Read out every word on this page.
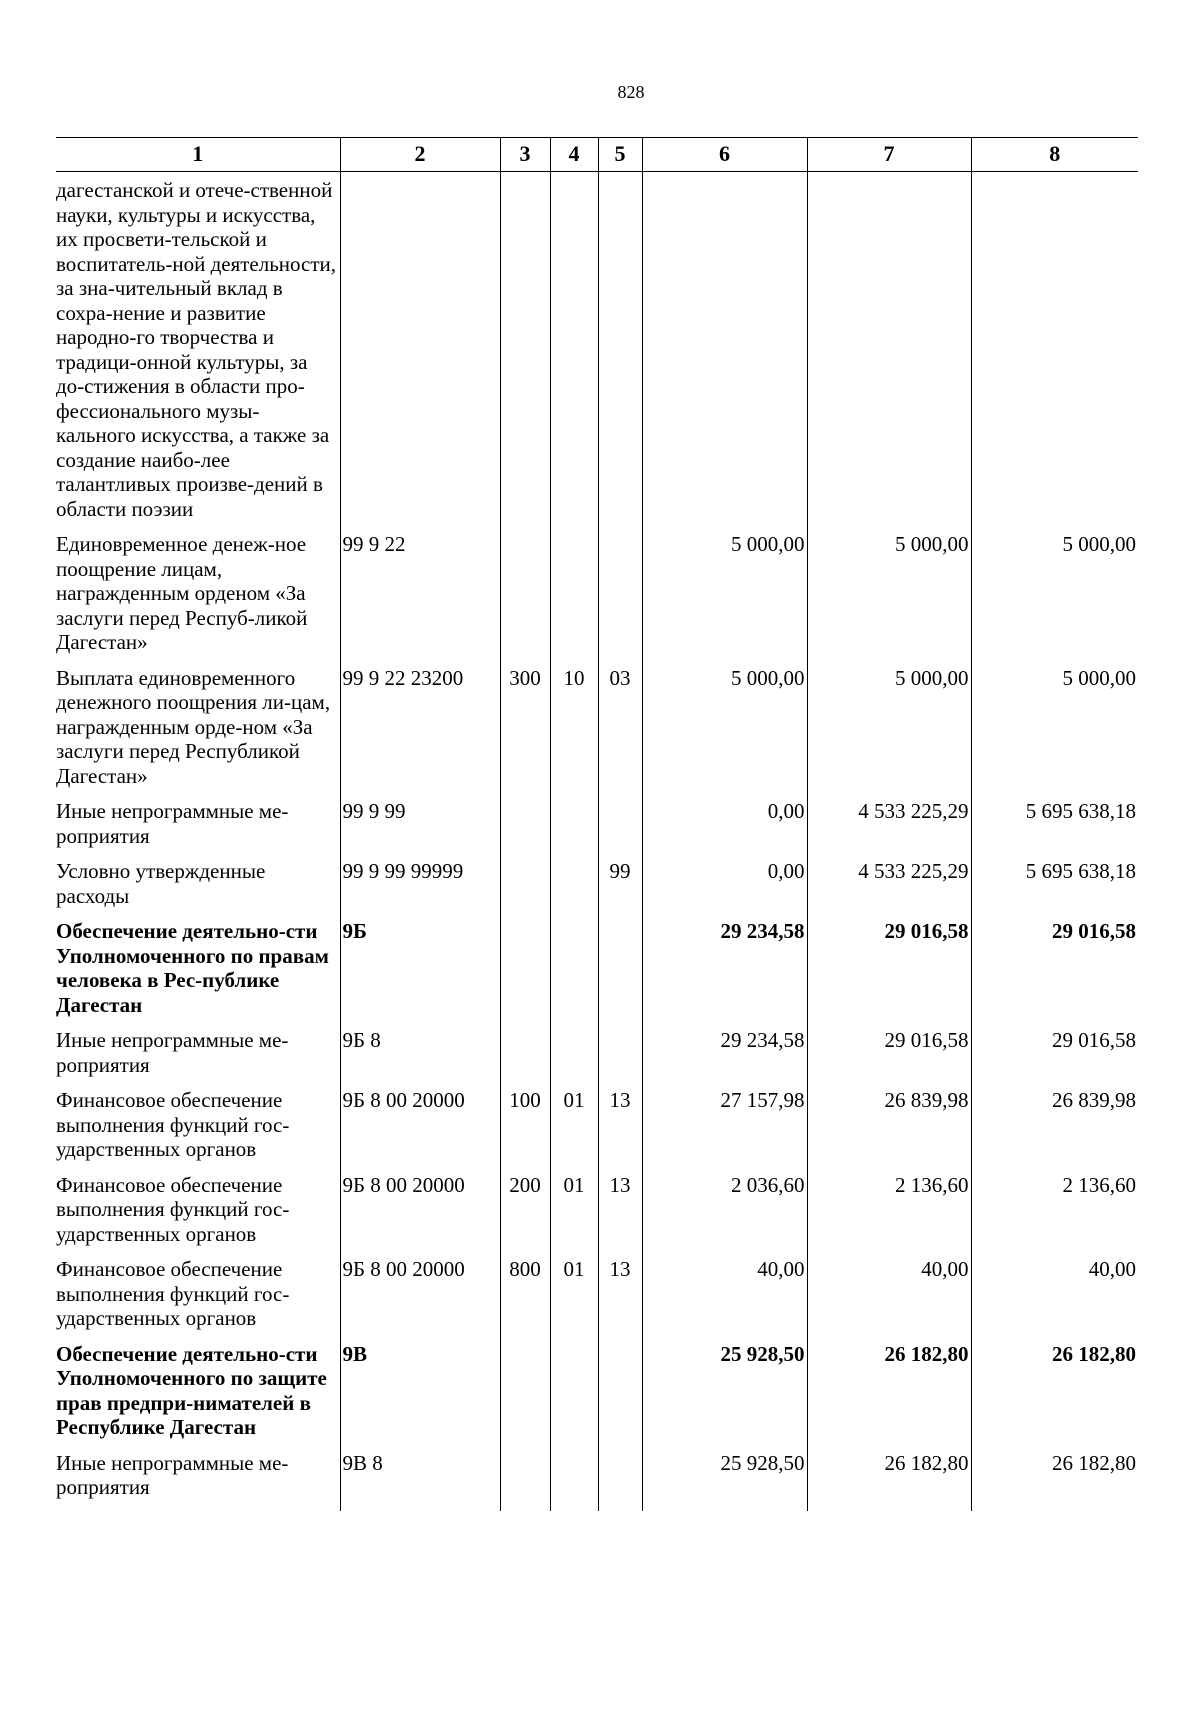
828
1	2	3	4	5	6	7	8
дагестанской и отече-ственной науки, культуры и искусства, их просвети-тельской и воспитатель-ной деятельности, за зна-чительный вклад в сохра-нение и развитие народно-го творчества и традици-онной культуры, за до-стижения в области про-фессионального музы-кального искусства, а также за создание наибо-лее талантливых произве-дений в области поэзии							
Единовременное денеж-ное поощрение лицам, награжденным орденом «За заслуги перед Респуб-ликой Дагестан»	99 9 22				5 000,00	5 000,00	5 000,00
Выплата единовременного денежного поощрения ли-цам, награжденным орде-ном «За заслуги перед Республикой Дагестан»	99 9 22 23200	300	10	03	5 000,00	5 000,00	5 000,00
Иные непрограммные ме-роприятия	99 9 99				0,00	4 533 225,29	5 695 638,18
Условно утвержденные расходы	99 9 99 99999			99	0,00	4 533 225,29	5 695 638,18
Обеспечение деятельно-сти Уполномоченного по правам человека в Рес-публике Дагестан	9Б				29 234,58	29 016,58	29 016,58
Иные непрограммные ме-роприятия	9Б 8				29 234,58	29 016,58	29 016,58
Финансовое обеспечение выполнения функций гос-ударственных органов	9Б 8 00 20000	100	01	13	27 157,98	26 839,98	26 839,98
Финансовое обеспечение выполнения функций гос-ударственных органов	9Б 8 00 20000	200	01	13	2 036,60	2 136,60	2 136,60
Финансовое обеспечение выполнения функций гос-ударственных органов	9Б 8 00 20000	800	01	13	40,00	40,00	40,00
Обеспечение деятельно-сти Уполномоченного по защите прав предпри-нимателей в Республике Дагестан	9В				25 928,50	26 182,80	26 182,80
Иные непрограммные ме-роприятия	9В 8				25 928,50	26 182,80	26 182,80
